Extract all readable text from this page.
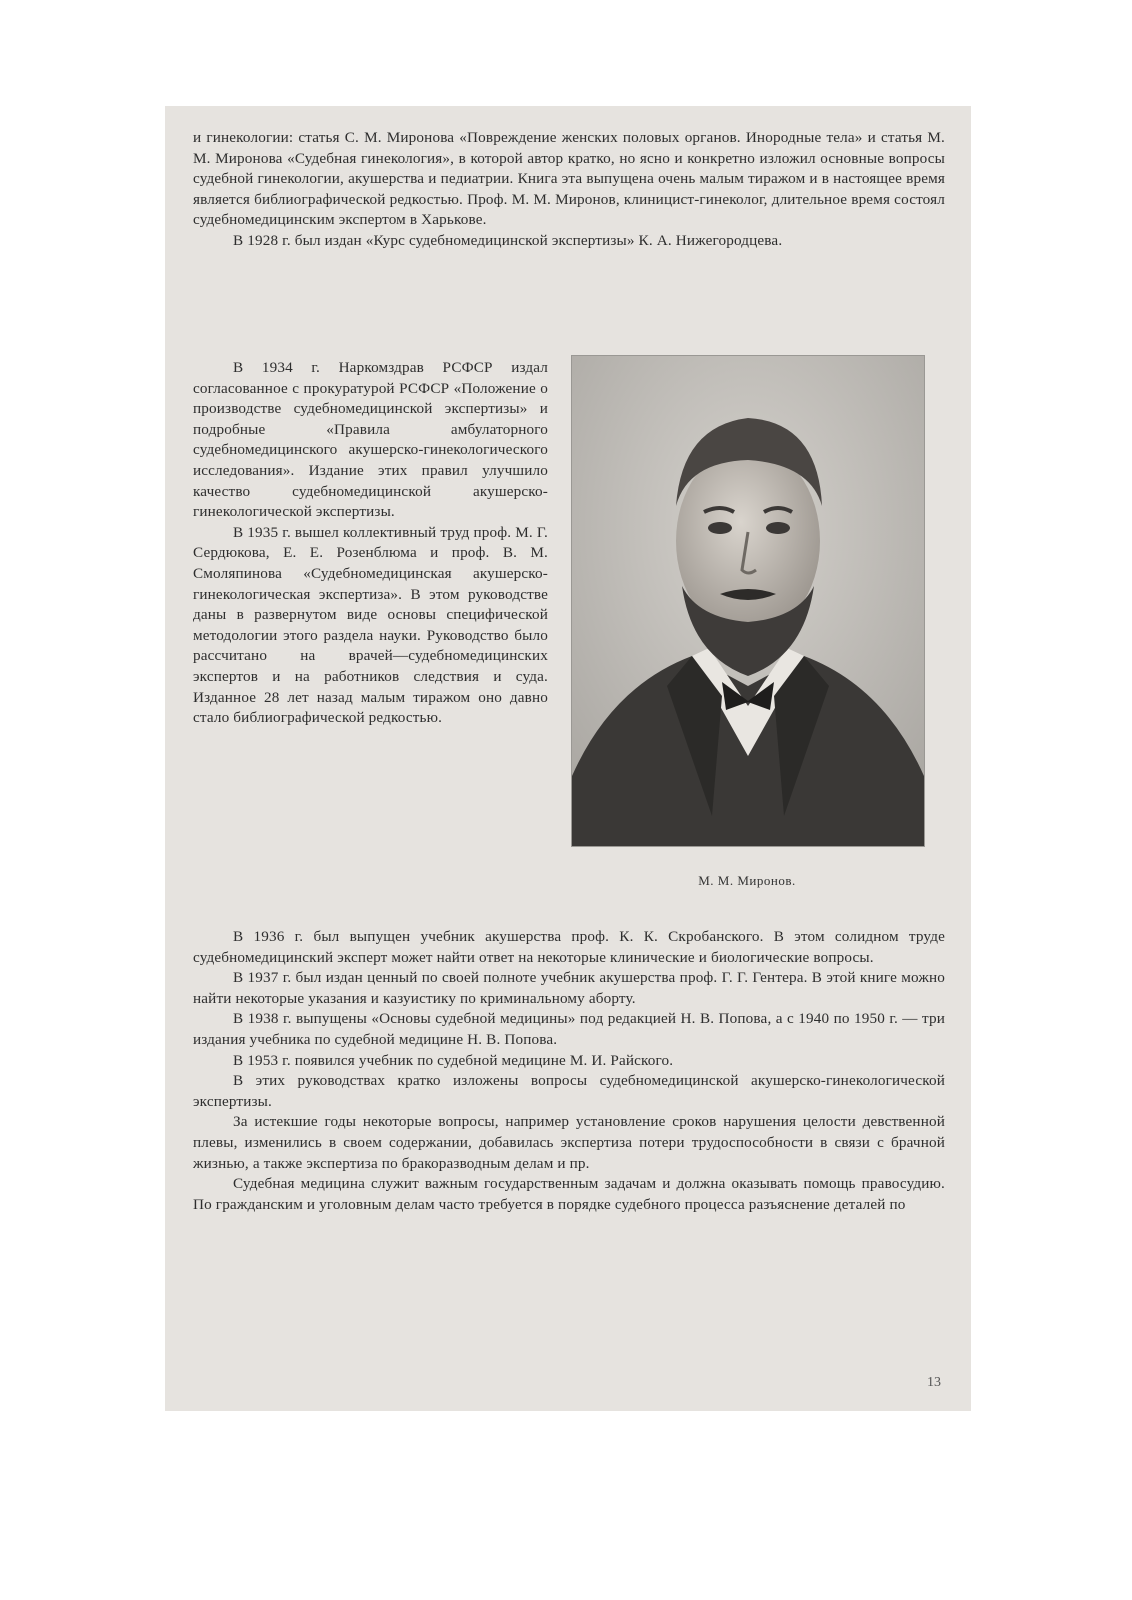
и гинекологии: статья С. М. Миронова «Повреждение женских половых органов. Инородные тела» и статья М. М. Миронова «Судебная гинекология», в которой автор кратко, но ясно и конкретно изложил основные вопросы судебной гинекологии, акушерства и педиатрии. Книга эта выпущена очень малым тиражом и в настоящее время является библиографической редкостью. Проф. М. М. Миронов, клиницист-гинеколог, длительное время состоял судебномедицинским экспертом в Харькове.

В 1928 г. был издан «Курс судебномедицинской экспертизы» К. А. Нижегородцева.

В 1934 г. Наркомздрав РСФСР издал согласованное с прокуратурой РСФСР «Положение о производстве судебномедицинской экспертизы» и подробные «Правила амбулаторного судебномедицинского акушерско-гинекологического исследования». Издание этих правил улучшило качество судебномедицинской акушерско-гинекологической экспертизы.

В 1935 г. вышел коллективный труд проф. М. Г. Сердюкова, Е. Е. Розенблюма и проф. В. М. Смоляпинова «Судебномедицинская акушерско-гинекологическая экспертиза». В этом руководстве даны в развернутом виде основы специфической методологии этого раздела науки. Руководство было рассчитано на врачей—судебномедицинских экспертов и на работников следствия и суда. Изданное 28 лет назад малым тиражом оно давно стало библиографической редкостью.

М. М. Миронов.

В 1936 г. был выпущен учебник акушерства проф. К. К. Скробанского. В этом солидном труде судебномедицинский эксперт может найти ответ на некоторые клинические и биологические вопросы.

В 1937 г. был издан ценный по своей полноте учебник акушерства проф. Г. Г. Гентера. В этой книге можно найти некоторые указания и казуистику по криминальному аборту.

В 1938 г. выпущены «Основы судебной медицины» под редакцией Н. В. Попова, а с 1940 по 1950 г. — три издания учебника по судебной медицине Н. В. Попова.

В 1953 г. появился учебник по судебной медицине М. И. Райского.

В этих руководствах кратко изложены вопросы судебномедицинской акушерско-гинекологической экспертизы.

За истекшие годы некоторые вопросы, например установление сроков нарушения целости девственной плевы, изменились в своем содержании, добавилась экспертиза потери трудоспособности в связи с брачной жизнью, а также экспертиза по бракоразводным делам и пр.

Судебная медицина служит важным государственным задачам и должна оказывать помощь правосудию. По гражданским и уголовным делам часто требуется в порядке судебного процесса разъяснение деталей по

13
